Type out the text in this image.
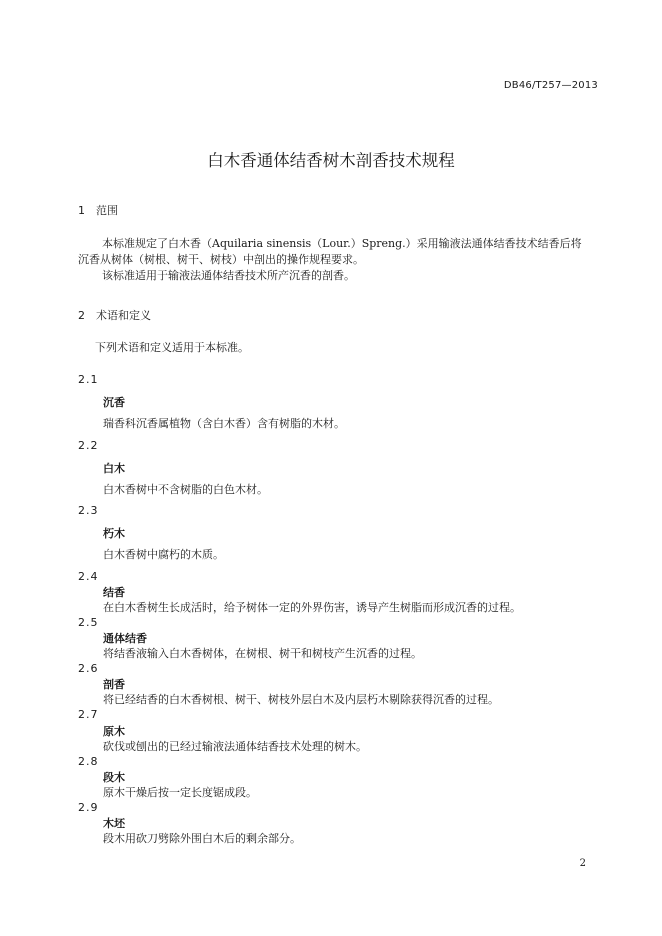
DB46/T257—2013
白木香通体结香树木剖香技术规程
1 范围
本标准规定了白木香（Aquilaria sinensis（Lour.）Spreng.）采用输液法通体结香技术结香后将
沉香从树体（树根、树干、树枝）中剖出的操作规程要求。
该标准适用于输液法通体结香技术所产沉香的剖香。
2 术语和定义
下列术语和定义适用于本标准。
2.1
沉香
瑞香科沉香属植物（含白木香）含有树脂的木材。
2.2
白木
白木香树中不含树脂的白色木材。
2.3
朽木
白木香树中腐朽的木质。
2.4
结香
在白木香树生长成活时，给予树体一定的外界伤害，诱导产生树脂而形成沉香的过程。
2.5
通体结香
将结香液输入白木香树体，在树根、树干和树枝产生沉香的过程。
2.6
剖香
将已经结香的白木香树根、树干、树枝外层白木及内层朽木剔除获得沉香的过程。
2.7
原木
砍伐或刨出的已经过输液法通体结香技术处理的树木。
2.8
段木
原木干燥后按一定长度锯成段。
2.9
木坯
段木用砍刀劈除外围白木后的剩余部分。
2
